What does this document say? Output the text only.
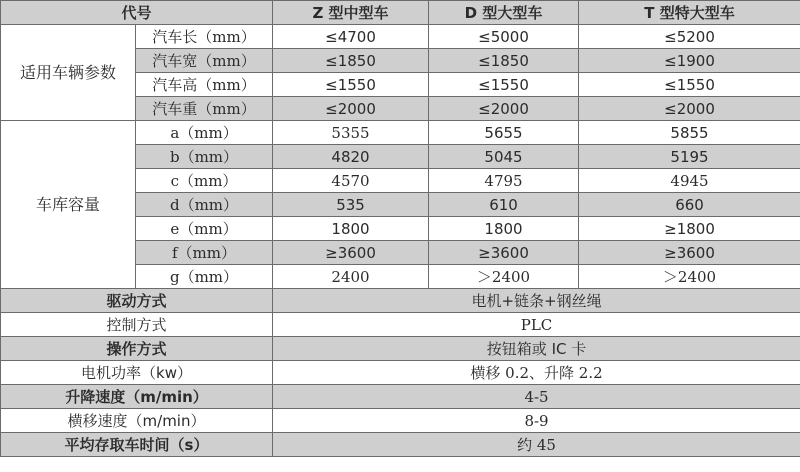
代号		Z 型中型车	D 型大型车	T 型特大型车
适用车辆参数	汽车长（mm）	≤4700	≤5000	≤5200
	汽车宽（mm）	≤1850	≤1850	≤1900
	汽车高（mm）	≤1550	≤1550	≤1550
	汽车重（mm）	≤2000	≤2000	≤2000
车库容量	a（mm）	5355	5655	5855
	b（mm）	4820	5045	5195
	c（mm）	4570	4795	4945
	d（mm）	535	610	660
	e（mm）	1800	1800	≥1800
	f（mm）	≥3600	≥3600	≥3600
	g（mm）	2400	＞2400	＞2400
驱动方式		电机+链条+钢丝绳		
控制方式		PLC		
操作方式		按钮箱或 IC 卡		
电机功率（kw）		横移 0.2、升降 2.2		
升降速度（m/min）		4-5		
横移速度（m/min）		8-9		
平均存取车时间（s）		约 45		
